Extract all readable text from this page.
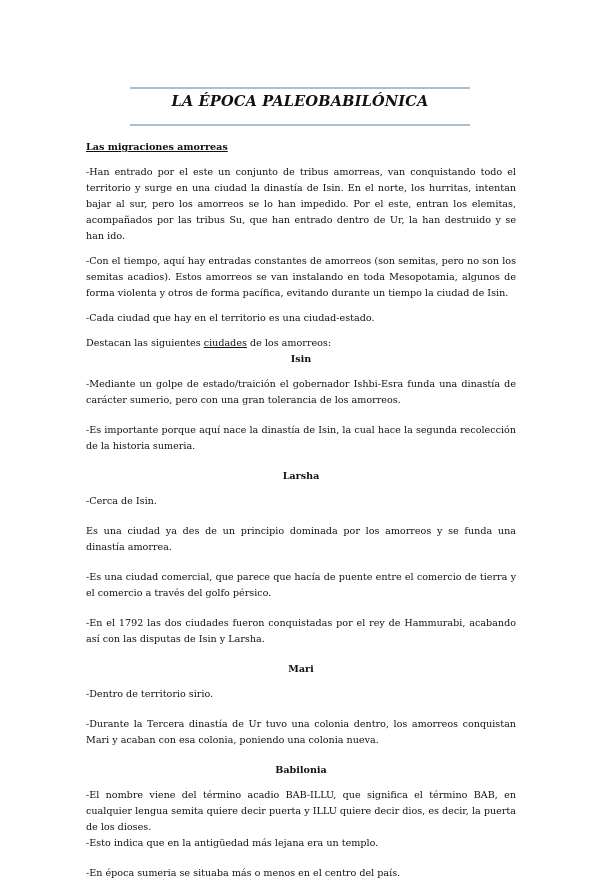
LA ÉPOCA PALEOBABILÓNICA

Las migraciones amorreas

-Han entrado por el este un conjunto de tribus amorreas, van conquistando todo el territorio y surge en una ciudad la dinastía de Isin. En el norte, los hurritas, intentan bajar al sur, pero los amorreos se lo han impedido. Por el este, entran los elemitas, acompañados por las tribus Su, que han entrado dentro de Ur, la han destruido y se han ido.

-Con el tiempo, aquí hay entradas constantes de amorreos (son semitas, pero no son los semitas acadios). Estos amorreos se van instalando en toda Mesopotamia, algunos de forma violenta y otros de forma pacífica, evitando durante un tiempo la ciudad de Isin.

-Cada ciudad que hay en el territorio es una ciudad-estado.

Destacan las siguientes ciudades de los amorreos:

Isin

-Mediante un golpe de estado/traición el gobernador Ishbi-Esra funda una dinastía de carácter sumerio, pero con una gran tolerancia de los amorreos.

-Es importante porque aquí nace la dinastía de Isin, la cual hace la segunda recolección de la historia sumeria.

Larsha

-Cerca de Isin.

Es una ciudad ya des de un principio dominada por los amorreos y se funda una dinastía amorrea.

-Es una ciudad comercial, que parece que hacía de puente entre el comercio de tierra y el comercio a través del golfo pérsico.

-En el 1792 las dos ciudades fueron conquistadas por el rey de Hammurabi, acabando así con las disputas de Isin y Larsha.

Mari

-Dentro de territorio sirio.

-Durante la Tercera dinastía de Ur tuvo una colonia dentro, los amorreos conquistan Mari y acaban con esa colonia, poniendo una colonia nueva.

Babilonia

-El nombre viene del término acadio BAB-ILLU, que significa el término BAB, en cualquier lengua semita quiere decir puerta y ILLU quiere decir dios, es decir, la puerta de los dioses.

-Esto indica que en la antigüedad más lejana era un templo.

-En época sumeria se situaba más o menos en el centro del país.
